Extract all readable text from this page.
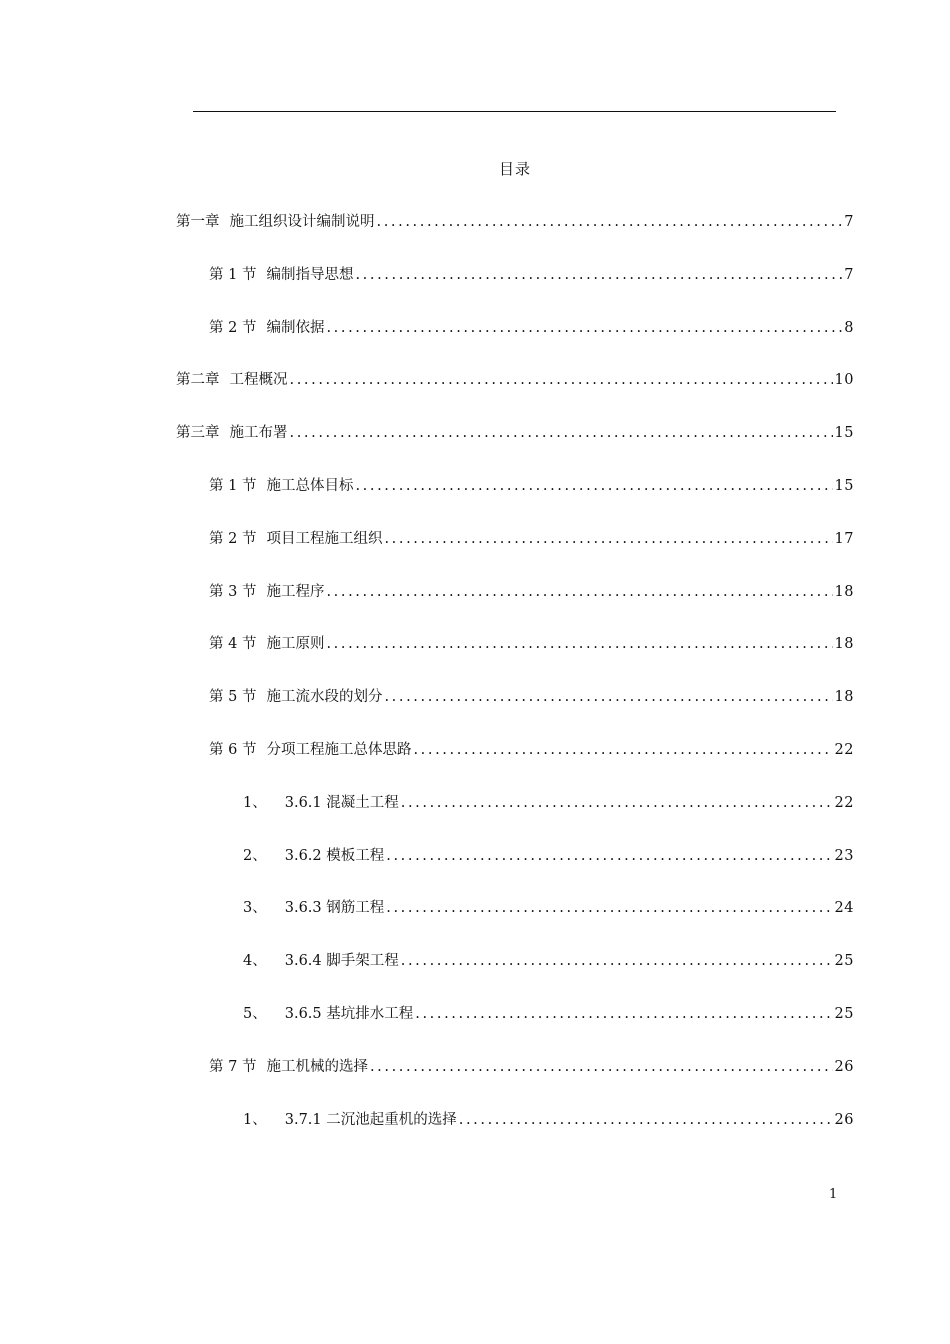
目录
第一章 施工组织设计编制说明 .....	7
第 1 节 编制指导思想 .....	7
第 2 节 编制依据 .....	8
第二章 工程概况 .....	10
第三章 施工布署 .....	15
第 1 节 施工总体目标 .....	15
第 2 节 项目工程施工组织 .....	17
第 3 节 施工程序 .....	18
第 4 节 施工原则 .....	18
第 5 节 施工流水段的划分 .....	18
第 6 节 分项工程施工总体思路 .....	22
1、 3.6.1 混凝土工程 .....	22
2、 3.6.2 模板工程 .....	23
3、 3.6.3 钢筋工程 .....	24
4、 3.6.4 脚手架工程 .....	25
5、 3.6.5 基坑排水工程 .....	25
第 7 节 施工机械的选择 .....	26
1、 3.7.1 二沉池起重机的选择 .....	26
1
